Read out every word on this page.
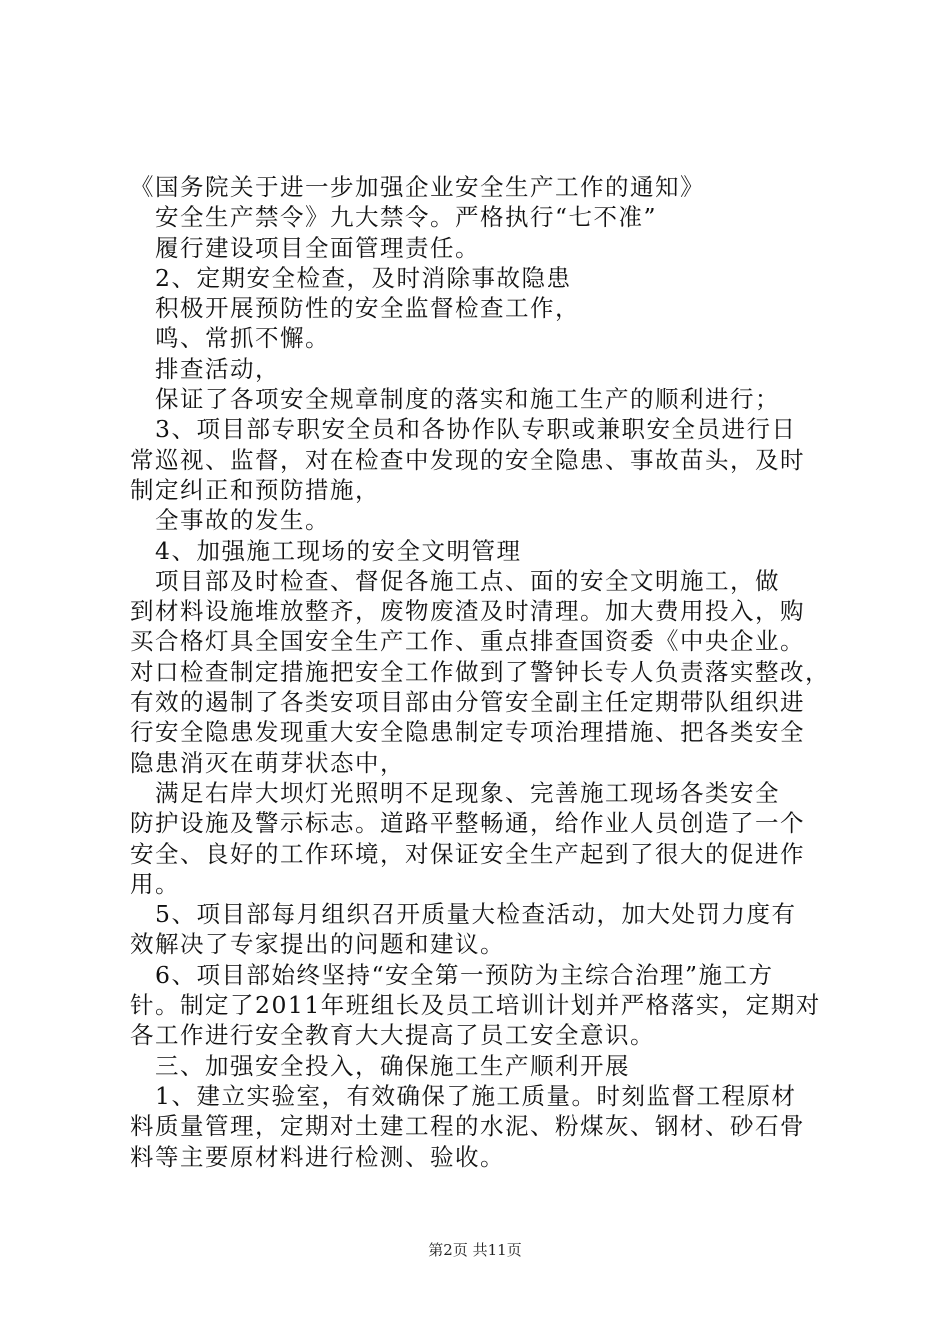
《国务院关于进一步加强企业安全生产工作的通知》
　安全生产禁令》九大禁令。严格执行“七不准”
　履行建设项目全面管理责任。
　2、定期安全检查，及时消除事故隐患
　积极开展预防性的安全监督检查工作，
　鸣、常抓不懈。
　排查活动，
　保证了各项安全规章制度的落实和施工生产的顺利进行；
　3、项目部专职安全员和各协作队专职或兼职安全员进行日
常巡视、监督，对在检查中发现的安全隐患、事故苗头，及时
制定纠正和预防措施，
　全事故的发生。
　4、加强施工现场的安全文明管理
　项目部及时检查、督促各施工点、面的安全文明施工，做
到材料设施堆放整齐，废物废渣及时清理。加大费用投入，购
买合格灯具全国安全生产工作、重点排查国资委《中央企业。
对口检查制定措施把安全工作做到了警钟长专人负责落实整改，
有效的遏制了各类安项目部由分管安全副主任定期带队组织进
行安全隐患发现重大安全隐患制定专项治理措施、把各类安全
隐患消灭在萌芽状态中，
　满足右岸大坝灯光照明不足现象、完善施工现场各类安全
防护设施及警示标志。道路平整畅通，给作业人员创造了一个
安全、良好的工作环境，对保证安全生产起到了很大的促进作
用。
　5、项目部每月组织召开质量大检查活动，加大处罚力度有
效解决了专家提出的问题和建议。
　6、项目部始终坚持“安全第一预防为主综合治理”施工方
针。制定了2011年班组长及员工培训计划并严格落实，定期对
各工作进行安全教育大大提高了员工安全意识。
　三、加强安全投入，确保施工生产顺利开展
　1、建立实验室，有效确保了施工质量。时刻监督工程原材
料质量管理，定期对土建工程的水泥、粉煤灰、钢材、砂石骨
料等主要原材料进行检测、验收。
第2页 共11页
